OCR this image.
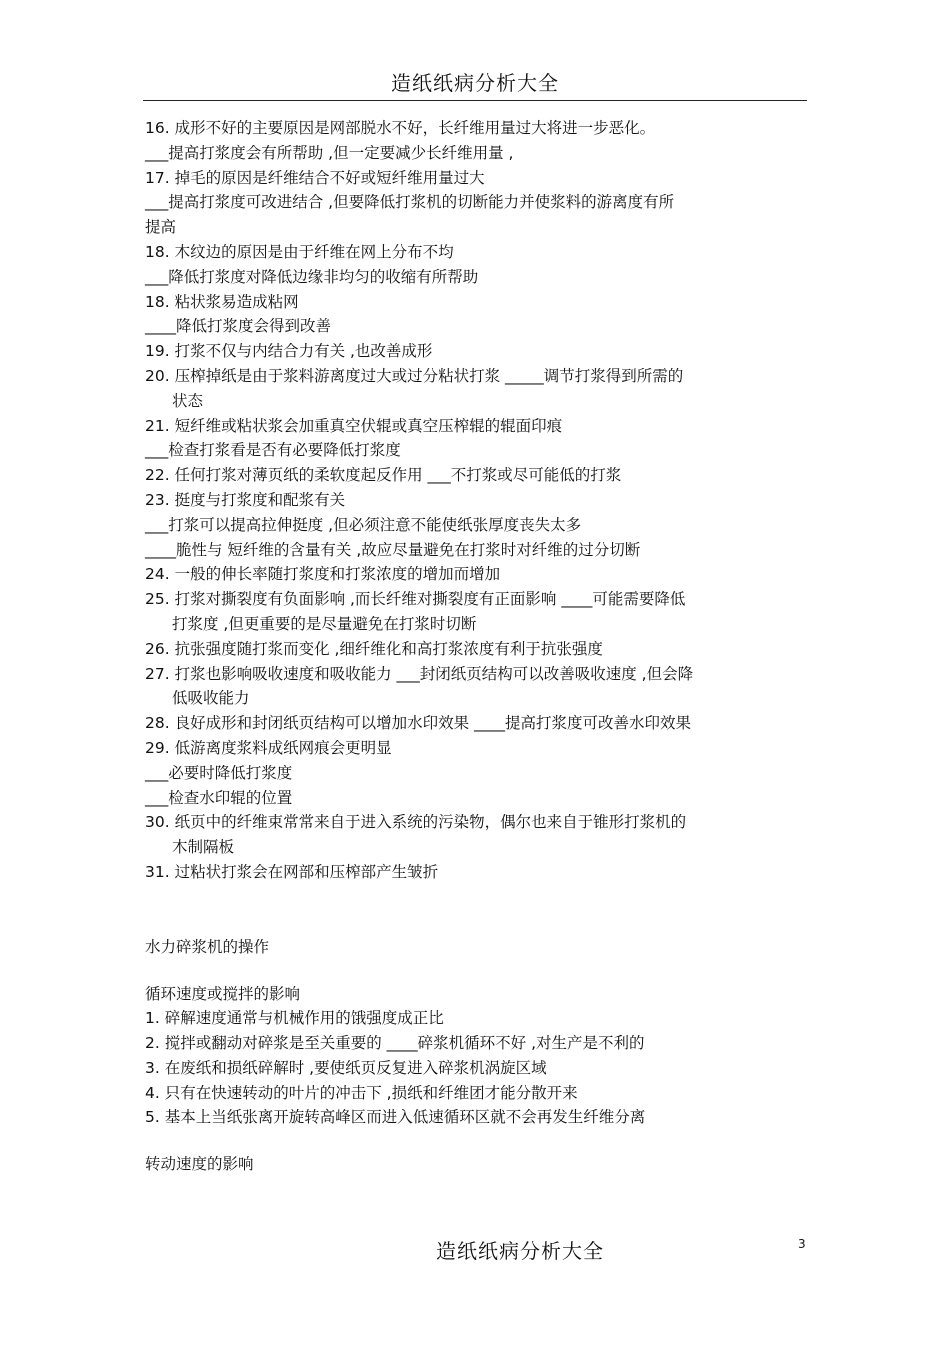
造纸纸病分析大全
16. 成形不好的主要原因是网部脱水不好，长纤维用量过大将进一步恶化。
___提高打浆度会有所帮助 ,但一定要减少长纤维用量 ,
17. 掉毛的原因是纤维结合不好或短纤维用量过大
___提高打浆度可改进结合 ,但要降低打浆机的切断能力并使浆料的游离度有所
提高
18. 木纹边的原因是由于纤维在网上分布不均
___降低打浆度对降低边缘非均匀的收缩有所帮助
18. 粘状浆易造成粘网
____降低打浆度会得到改善
19. 打浆不仅与内结合力有关 ,也改善成形
20. 压榨掉纸是由于浆料游离度过大或过分粘状打浆 _____调节打浆得到所需的
状态
21. 短纤维或粘状浆会加重真空伏辊或真空压榨辊的辊面印痕
___检查打浆看是否有必要降低打浆度
22. 任何打浆对薄页纸的柔软度起反作用 ___不打浆或尽可能低的打浆
23. 挺度与打浆度和配浆有关
___打浆可以提高拉伸挺度 ,但必须注意不能使纸张厚度丧失太多
____脆性与 短纤维的含量有关 ,故应尽量避免在打浆时对纤维的过分切断
24. 一般的伸长率随打浆度和打浆浓度的增加而增加
25. 打浆对撕裂度有负面影响 ,而长纤维对撕裂度有正面影响 ____可能需要降低
打浆度 ,但更重要的是尽量避免在打浆时切断
26. 抗张强度随打浆而变化 ,细纤维化和高打浆浓度有利于抗张强度
27. 打浆也影响吸收速度和吸收能力 ___封闭纸页结构可以改善吸收速度 ,但会降
低吸收能力
28. 良好成形和封闭纸页结构可以增加水印效果 ____提高打浆度可改善水印效果
29. 低游离度浆料成纸网痕会更明显
___必要时降低打浆度
___检查水印辊的位置
30. 纸页中的纤维束常常来自于进入系统的污染物，偶尔也来自于锥形打浆机的
木制隔板
31. 过粘状打浆会在网部和压榨部产生皱折
水力碎浆机的操作
循环速度或搅拌的影响
1. 碎解速度通常与机械作用的饿强度成正比
2. 搅拌或翻动对碎浆是至关重要的 ____碎浆机循环不好 ,对生产是不利的
3. 在废纸和损纸碎解时 ,要使纸页反复进入碎浆机涡旋区域
4. 只有在快速转动的叶片的冲击下 ,损纸和纤维团才能分散开来
5. 基本上当纸张离开旋转高峰区而进入低速循环区就不会再发生纤维分离
转动速度的影响
造纸纸病分析大全	3
